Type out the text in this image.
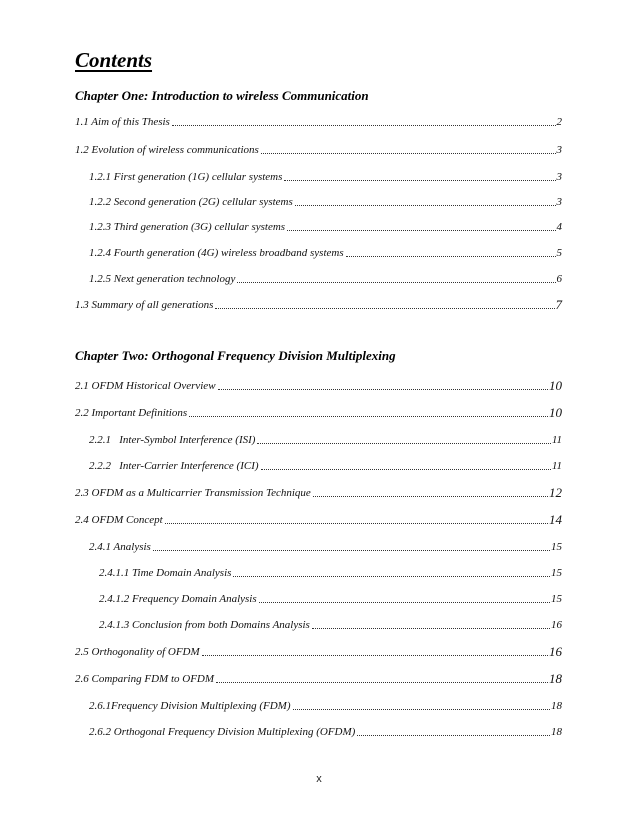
Contents
Chapter One: Introduction to wireless Communication
1.1 Aim of this Thesis	2
1.2 Evolution of wireless communications	3
1.2.1 First generation (1G) cellular systems	3
1.2.2 Second generation (2G) cellular systems	3
1.2.3 Third generation (3G) cellular systems	4
1.2.4 Fourth generation (4G) wireless broadband systems	5
1.2.5 Next generation technology	6
1.3 Summary of all generations	7
Chapter Two: Orthogonal Frequency Division Multiplexing
2.1 OFDM Historical Overview	10
2.2 Important Definitions	10
2.2.1   Inter-Symbol Interference (ISI)	11
2.2.2   Inter-Carrier Interference (ICI)	11
2.3 OFDM as a Multicarrier Transmission Technique	12
2.4 OFDM Concept	14
2.4.1 Analysis	15
2.4.1.1 Time Domain Analysis	15
2.4.1.2 Frequency Domain Analysis	15
2.4.1.3 Conclusion from both Domains Analysis	16
2.5 Orthogonality of OFDM	16
2.6 Comparing FDM to OFDM	18
2.6.1Frequency Division Multiplexing (FDM)	18
2.6.2 Orthogonal Frequency Division Multiplexing (OFDM)	18
x
